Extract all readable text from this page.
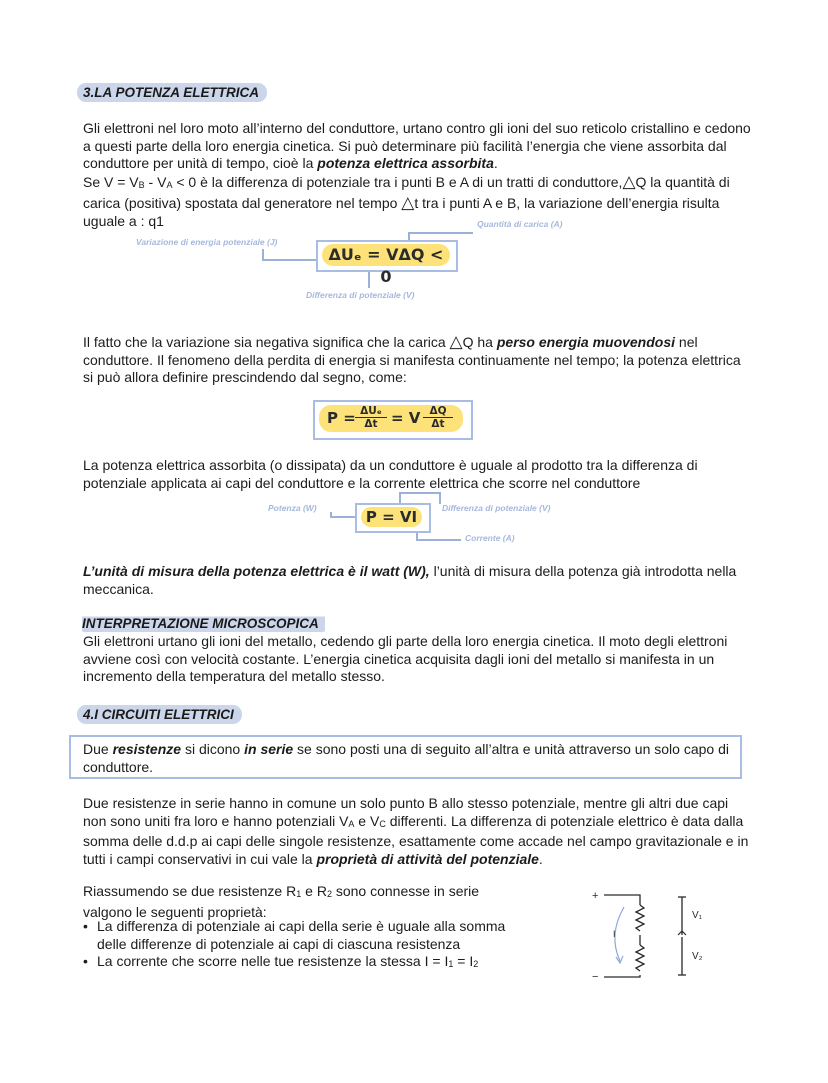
3.LA POTENZA ELETTRICA
Gli elettroni nel loro moto all’interno del conduttore, urtano contro gli ioni del suo reticolo cristallino e cedono a questi parte della loro energia cinetica. Si può determinare più facilità l’energia che viene assorbita dal conduttore per unità di tempo, cioè la potenza elettrica assorbita.
Se $V = V_B - V_A < 0$ è la differenza di potenziale tra i punti B e A di un tratti di conduttore,△Q la quantità di carica (positiva) spostata dal generatore nel tempo △t tra i punti A e B, la variazione dell’energia risulta uguale a : q1
Variazione di energia potenziale (J)
Quantità di carica (A)
Differenza di potenziale (V)
ΔUₑ = VΔQ < 0
Il fatto che la variazione sia negativa significa che la carica △Q ha perso energia muovendosi nel conduttore. Il fenomeno della perdita di energia si manifesta continuamente nel tempo; la potenza elettrica si può allora definire prescindendo dal segno, come:
P = ΔUₑ
Δt = V ΔQ
Δt
La potenza elettrica assorbita (o dissipata) da un conduttore è uguale al prodotto tra la differenza di potenziale applicata ai capi del conduttore e la corrente elettrica che scorre nel conduttore
Potenza (W)	Differenza di potenziale (V)
Corrente (A)
P = VI
L’unità di misura della potenza elettrica è il watt (W), l’unità di misura della potenza già introdotta nella meccanica.
INTERPRETAZIONE MICROSCOPICA
Gli elettroni urtano gli ioni del metallo, cedendo gli parte della loro energia cinetica. Il moto degli elettroni avviene così con velocità costante. L’energia cinetica acquisita dagli ioni del metallo si manifesta in un incremento della temperatura del metallo stesso.
4.I CIRCUITI ELETTRICI
Due resistenze si dicono in serie se sono posti una di seguito all’altra e unità attraverso un solo capo di conduttore.
Due resistenze in serie hanno in comune un solo punto B allo stesso potenziale, mentre gli altri due capi non sono uniti fra loro e hanno potenziali $V_A$ e $V_C$ differenti. La differenza di potenziale elettrico è data dalla somma delle d.d.p ai capi delle singole resistenze, esattamente come accade nel campo gravitazionale e in tutti i campi conservativi in cui vale la proprietà di attività del potenziale.
Riassumendo se due resistenze $R_1$ e $R_2$ sono connesse in serie valgono le seguenti proprietà:
• La differenza di potenziale ai capi della serie è uguale alla somma delle differenze di potenziale ai capi di ciascuna resistenza
• La corrente che scorre nelle tue resistenze la stessa $I = I_1 = I_2$
+
−
I
V₁
V₂
